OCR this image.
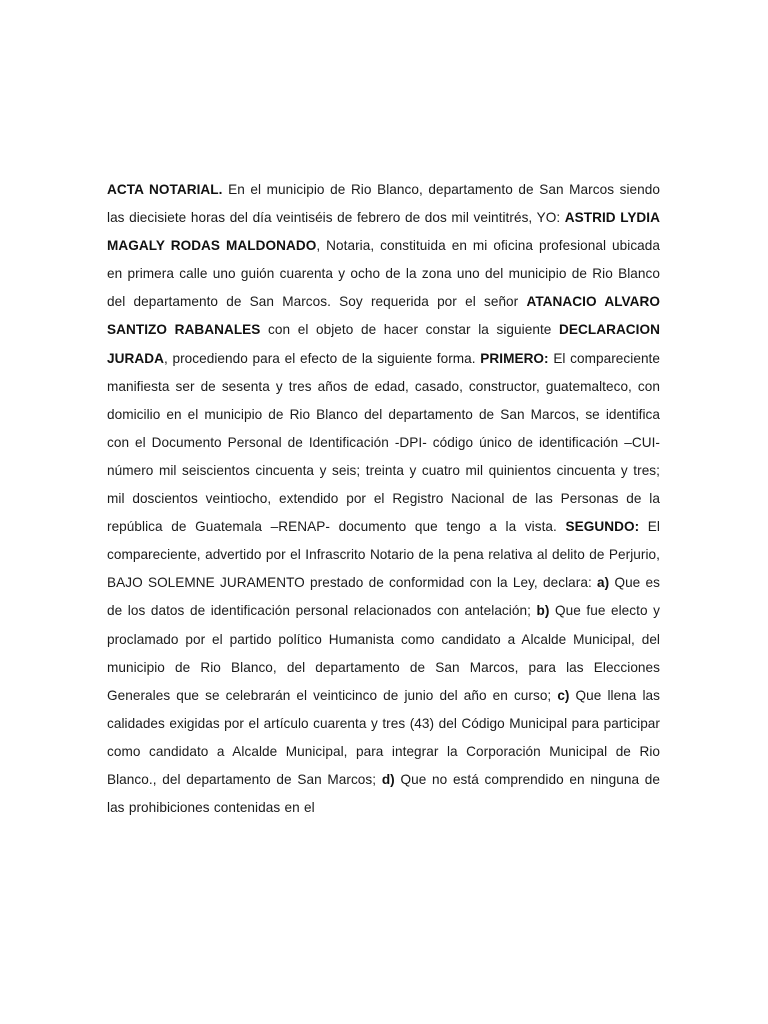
ACTA NOTARIAL. En el municipio de Rio Blanco, departamento de San Marcos siendo las diecisiete horas del día veintiséis de febrero de dos mil veintitrés, YO: ASTRID LYDIA MAGALY RODAS MALDONADO, Notaria, constituida en mi oficina profesional ubicada en primera calle uno guión cuarenta y ocho de la zona uno del municipio de Rio Blanco del departamento de San Marcos. Soy requerida por el señor ATANACIO ALVARO SANTIZO RABANALES con el objeto de hacer constar la siguiente DECLARACION JURADA, procediendo para el efecto de la siguiente forma. PRIMERO: El compareciente manifiesta ser de sesenta y tres años de edad, casado, constructor, guatemalteco, con domicilio en el municipio de Rio Blanco del departamento de San Marcos, se identifica con el Documento Personal de Identificación -DPI- código único de identificación –CUI- número mil seiscientos cincuenta y seis; treinta y cuatro mil quinientos cincuenta y tres; mil doscientos veintiocho, extendido por el Registro Nacional de las Personas de la república de Guatemala –RENAP- documento que tengo a la vista. SEGUNDO: El compareciente, advertido por el Infrascrito Notario de la pena relativa al delito de Perjurio, BAJO SOLEMNE JURAMENTO prestado de conformidad con la Ley, declara: a) Que es de los datos de identificación personal relacionados con antelación; b) Que fue electo y proclamado por el partido político Humanista como candidato a Alcalde Municipal, del municipio de Rio Blanco, del departamento de San Marcos, para las Elecciones Generales que se celebrarán el veinticinco de junio del año en curso; c) Que llena las calidades exigidas por el artículo cuarenta y tres (43) del Código Municipal para participar como candidato a Alcalde Municipal, para integrar la Corporación Municipal de Rio Blanco., del departamento de San Marcos; d) Que no está comprendido en ninguna de las prohibiciones contenidas en el
